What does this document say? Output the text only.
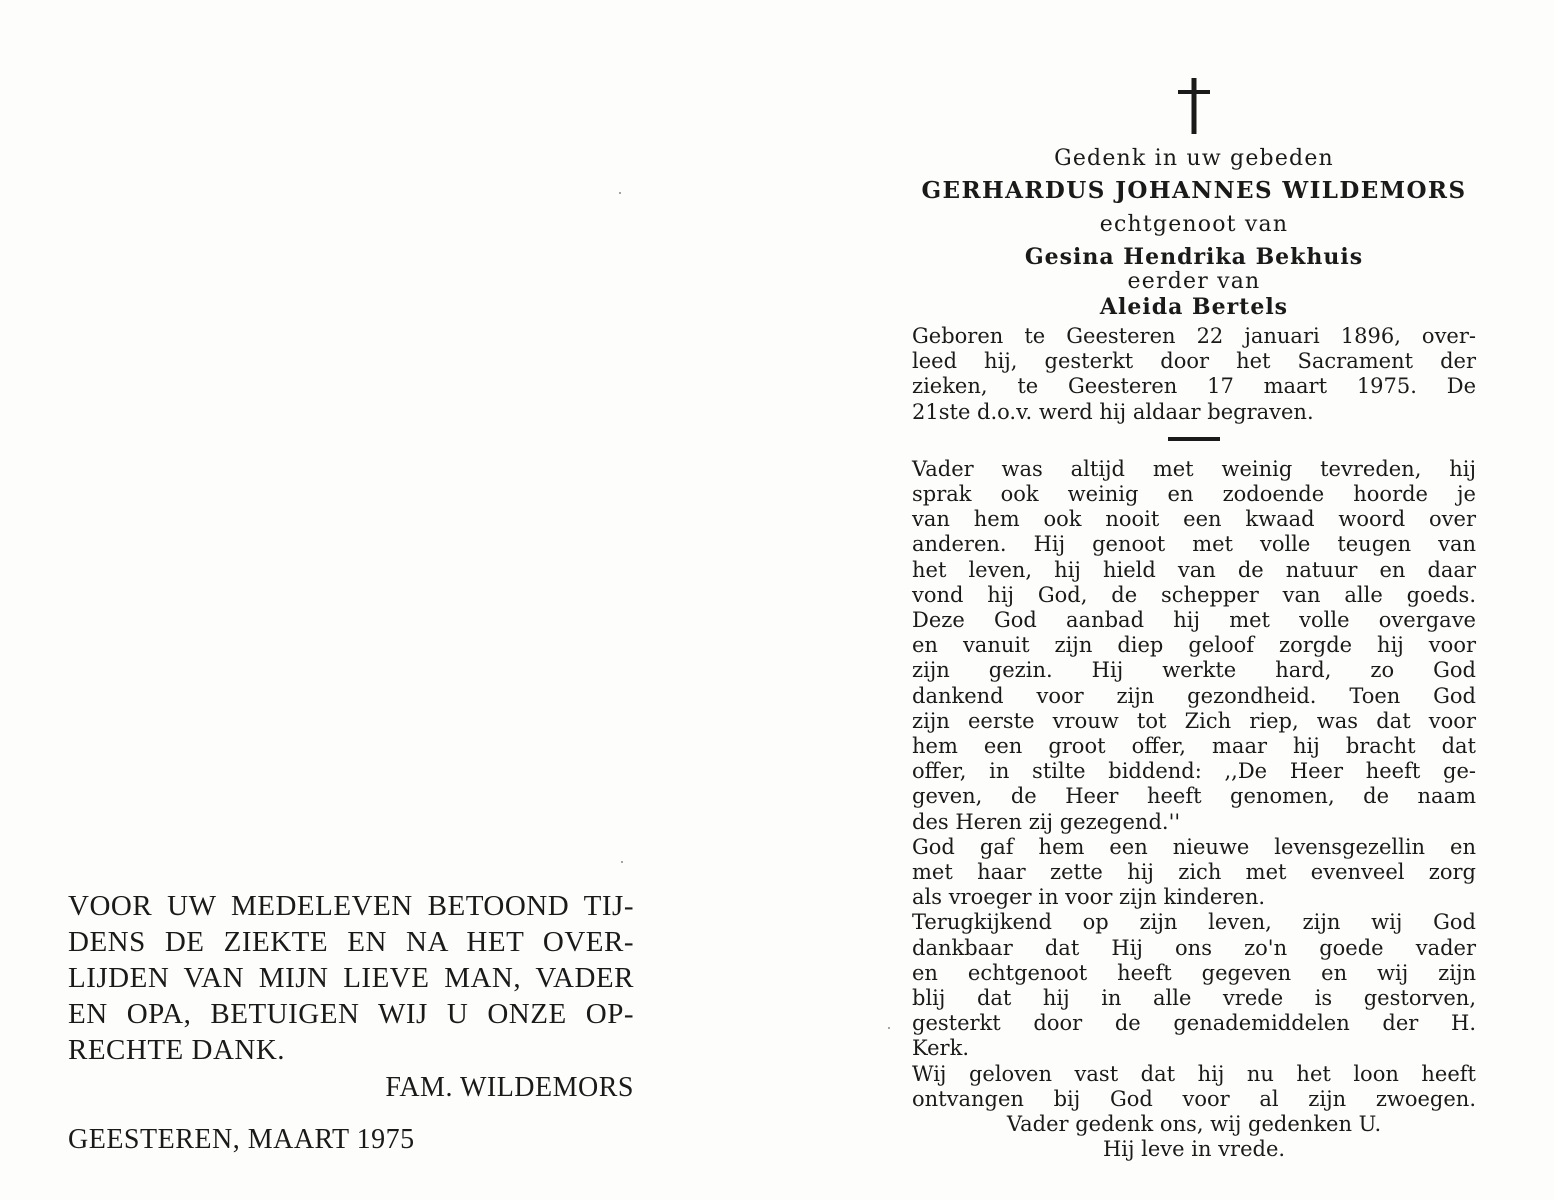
VOOR UW MEDELEVEN BETOOND TIJ-
DENS DE ZIEKTE EN NA HET OVER-
LIJDEN VAN MIJN LIEVE MAN, VADER
EN OPA, BETUIGEN WIJ U ONZE OP-
RECHTE DANK.

FAM. WILDEMORS
GEESTEREN, MAART 1975
Gedenk in uw gebeden
GERHARDUS JOHANNES WILDEMORS
echtgenoot van
Gesina Hendrika Bekhuis
eerder van
Aleida Bertels

Geboren te Geesteren 22 januari 1896, over-
leed hij, gesterkt door het Sacrament der
zieken, te Geesteren 17 maart 1975. De
21ste d.o.v. werd hij aldaar begraven.

Vader was altijd met weinig tevreden, hij
sprak ook weinig en zodoende hoorde je
van hem ook nooit een kwaad woord over
anderen. Hij genoot met volle teugen van
het leven, hij hield van de natuur en daar
vond hij God, de schepper van alle goeds.
Deze God aanbad hij met volle overgave
en vanuit zijn diep geloof zorgde hij voor
zijn gezin. Hij werkte hard, zo God
dankend voor zijn gezondheid. Toen God
zijn eerste vrouw tot Zich riep, was dat voor
hem een groot offer, maar hij bracht dat
offer, in stilte biddend: ,,De Heer heeft ge-
geven, de Heer heeft genomen, de naam
des Heren zij gezegend.''
God gaf hem een nieuwe levensgezellin en
met haar zette hij zich met evenveel zorg
als vroeger in voor zijn kinderen.
Terugkijkend op zijn leven, zijn wij God
dankbaar dat Hij ons zo'n goede vader
en echtgenoot heeft gegeven en wij zijn
blij dat hij in alle vrede is gestorven,
gesterkt door de genademiddelen der H.
Kerk.
Wij geloven vast dat hij nu het loon heeft
ontvangen bij God voor al zijn zwoegen.
Vader gedenk ons, wij gedenken U.
Hij leve in vrede.
